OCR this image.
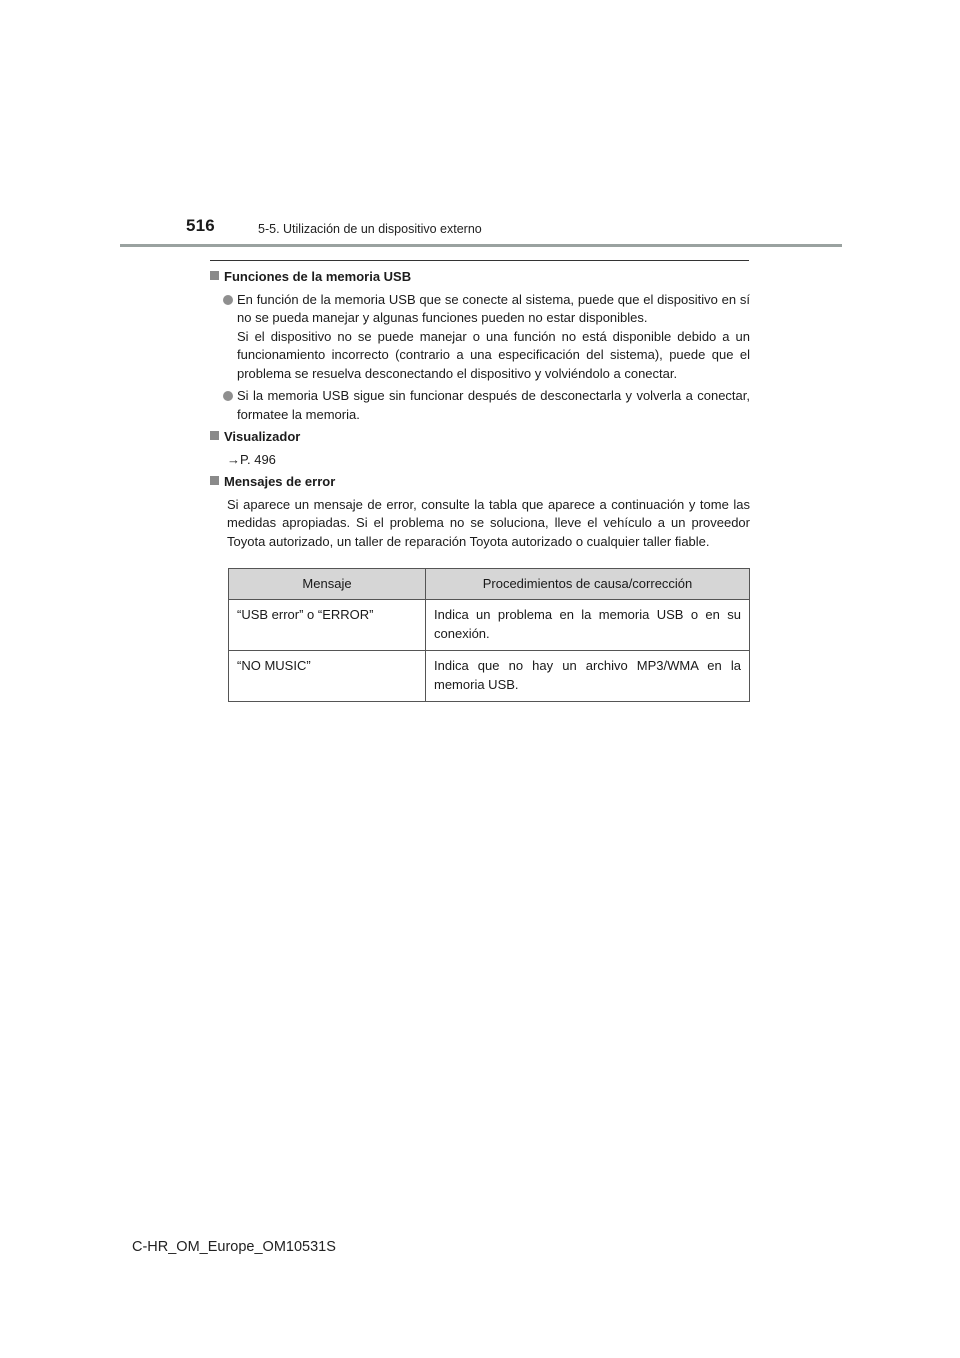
516	5-5. Utilización de un dispositivo externo
Funciones de la memoria USB
En función de la memoria USB que se conecte al sistema, puede que el dispositivo en sí no se pueda manejar y algunas funciones pueden no estar disponibles.
Si el dispositivo no se puede manejar o una función no está disponible debido a un funcionamiento incorrecto (contrario a una especificación del sistema), puede que el problema se resuelva desconectando el dispositivo y volviéndolo a conectar.
Si la memoria USB sigue sin funcionar después de desconectarla y volverla a conectar, formatee la memoria.
Visualizador
→P. 496
Mensajes de error
Si aparece un mensaje de error, consulte la tabla que aparece a continuación y tome las medidas apropiadas. Si el problema no se soluciona, lleve el vehículo a un proveedor Toyota autorizado, un taller de reparación Toyota autorizado o cualquier taller fiable.
Mensaje	Procedimientos de causa/corrección
“USB error” o “ERROR”	Indica un problema en la memoria USB o en su conexión.
“NO MUSIC”	Indica que no hay un archivo MP3/WMA en la memoria USB.
C-HR_OM_Europe_OM10531S
